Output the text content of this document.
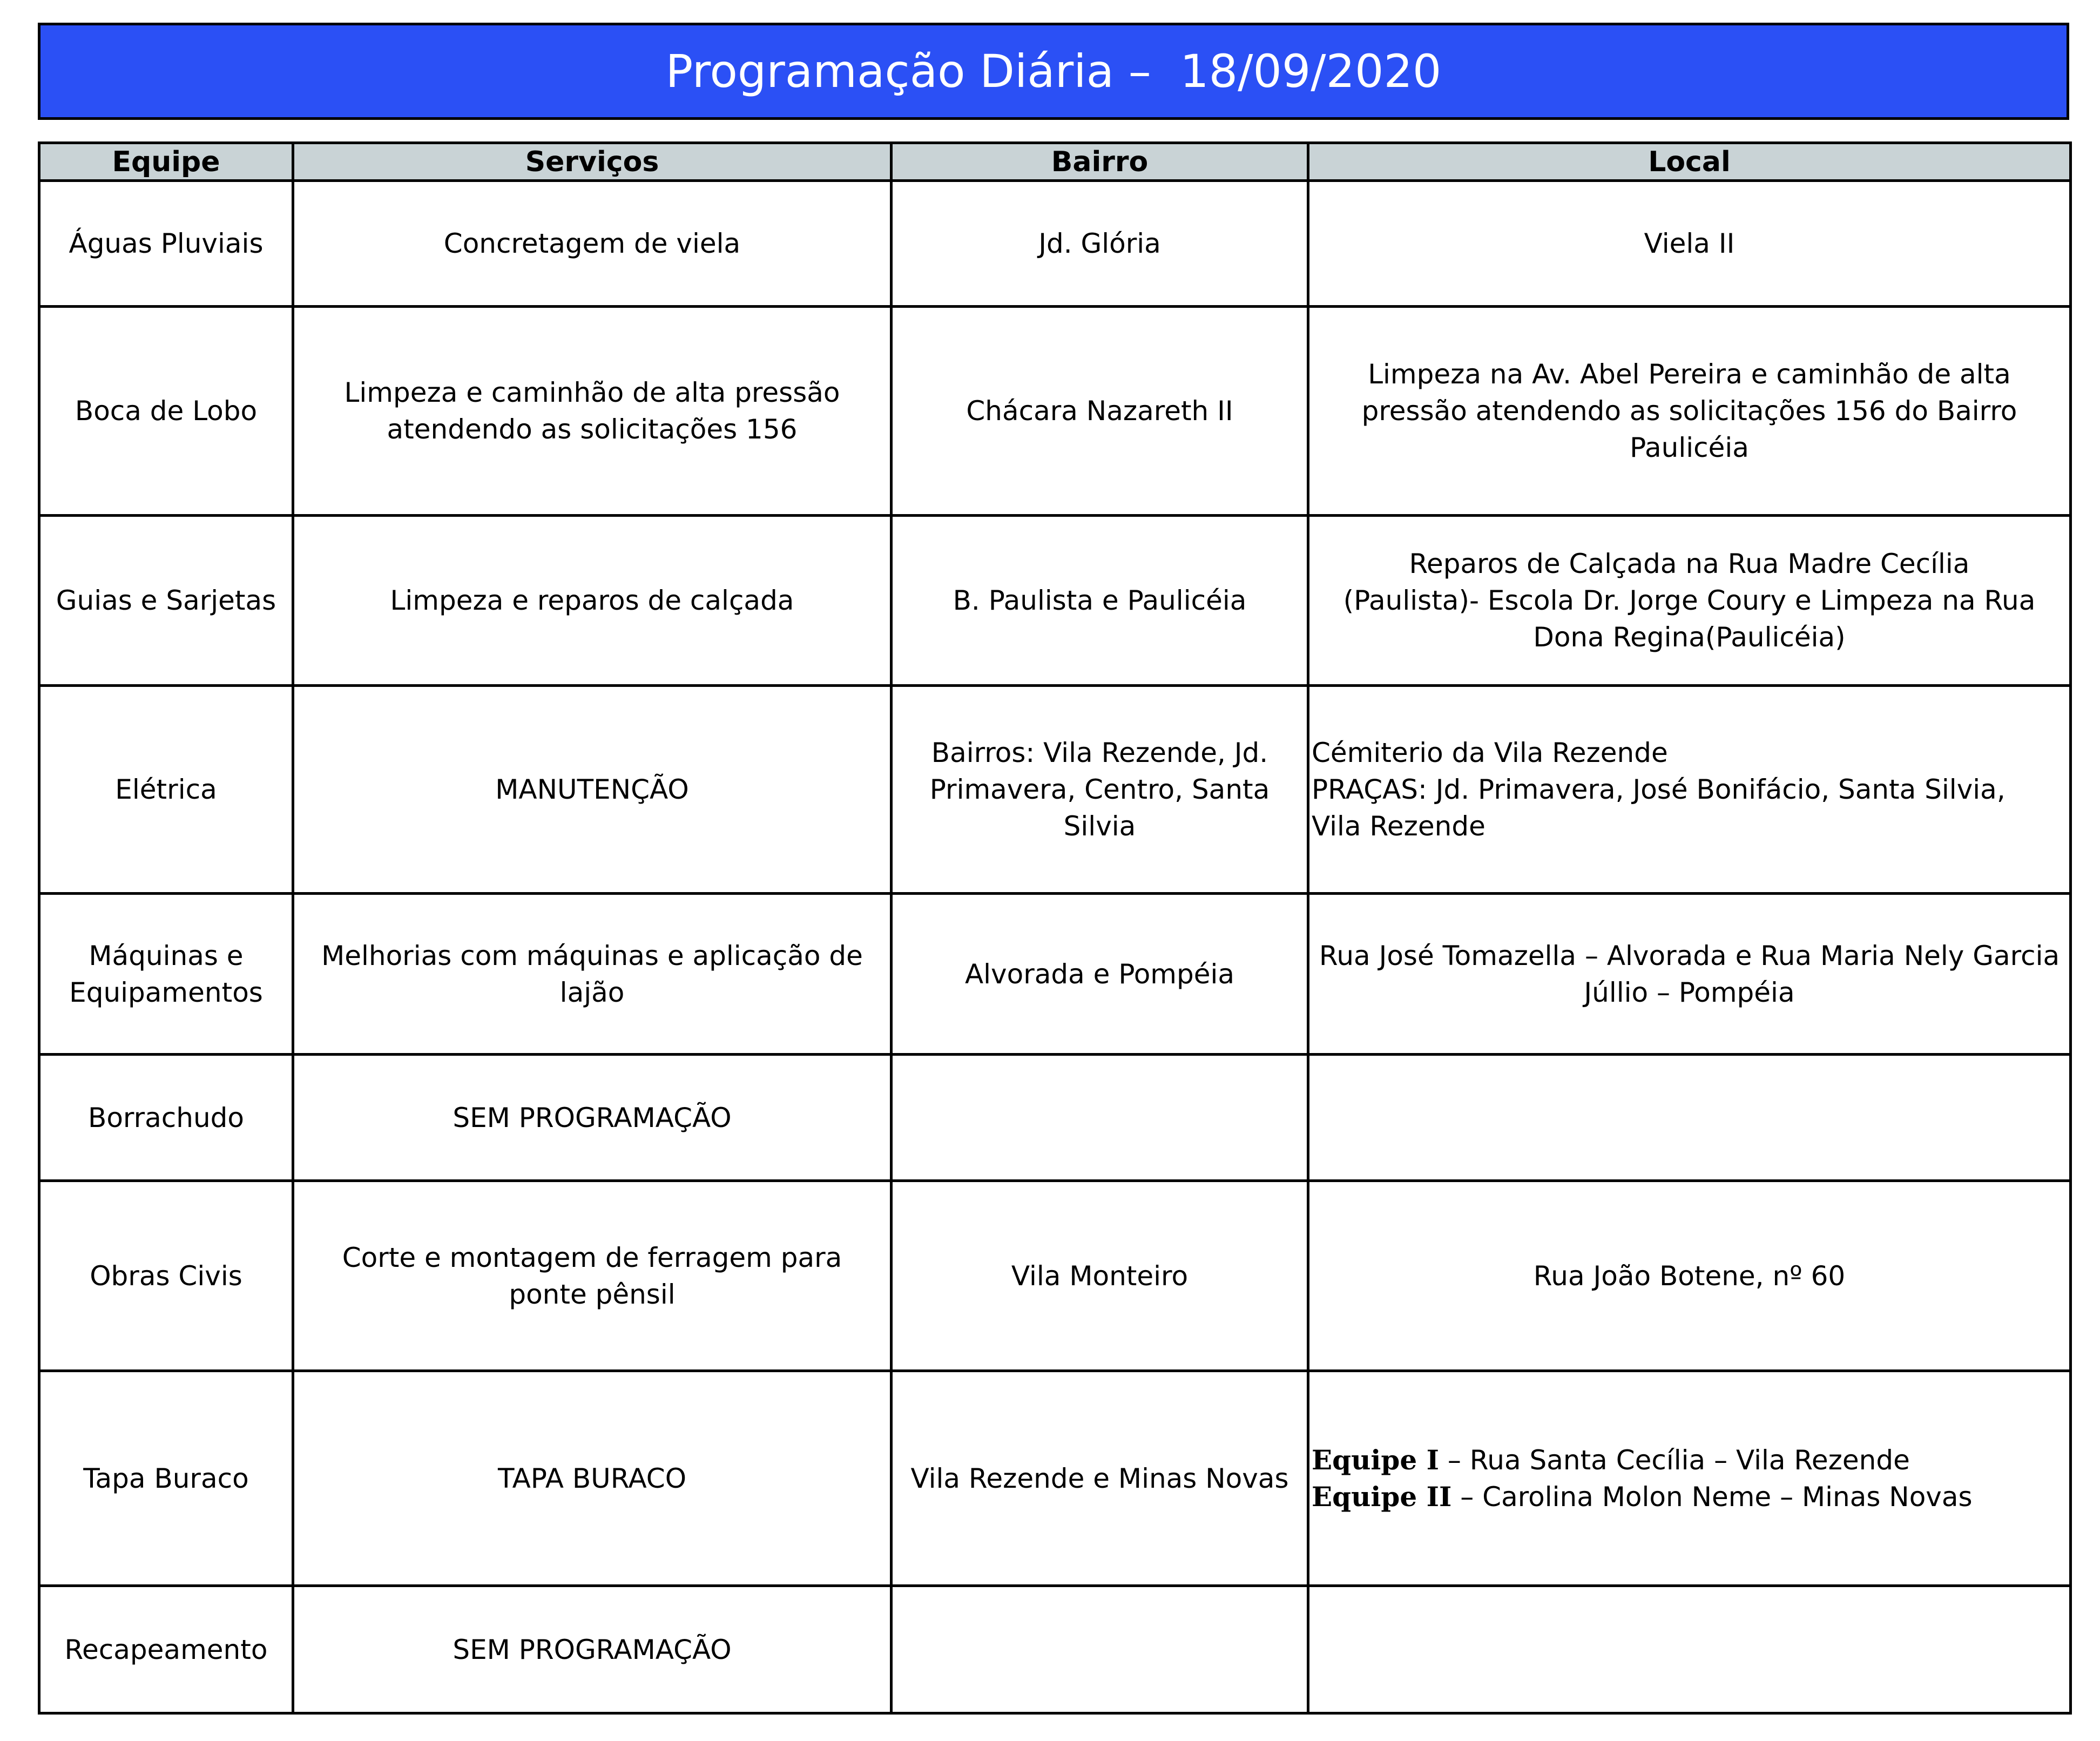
Programação Diária –  18/09/2020
Equipe	Serviços	Bairro	Local
Águas Pluviais	Concretagem de viela	Jd. Glória	Viela II
Boca de Lobo	Limpeza e caminhão de alta pressão atendendo as solicitações 156	Chácara Nazareth II	Limpeza na Av. Abel Pereira e caminhão de alta pressão atendendo as solicitações 156 do Bairro Paulicéia
Guias e Sarjetas	Limpeza e reparos de calçada	B. Paulista e Paulicéia	Reparos de Calçada na Rua Madre Cecília (Paulista)- Escola Dr. Jorge Coury e Limpeza na Rua Dona Regina(Paulicéia)
Elétrica	MANUTENÇÃO	Bairros: Vila Rezende, Jd. Primavera, Centro, Santa Silvia	Cémiterio da Vila Rezende
PRAÇAS: Jd. Primavera, José Bonifácio, Santa Silvia, Vila Rezende

Máquinas e Equipamentos	Melhorias com máquinas e aplicação de lajão	Alvorada e Pompéia	Rua José Tomazella – Alvorada e Rua Maria Nely Garcia Júllio – Pompéia
Borrachudo	SEM PROGRAMAÇÃO		
Obras Civis	Corte e montagem de ferragem para ponte pênsil	Vila Monteiro	Rua João Botene, nº 60
Tapa Buraco	TAPA BURACO	Vila Rezende e Minas Novas	Equipe I – Rua Santa Cecília – Vila Rezende
Equipe II – Carolina Molon Neme – Minas Novas

Recapeamento	SEM PROGRAMAÇÃO		
